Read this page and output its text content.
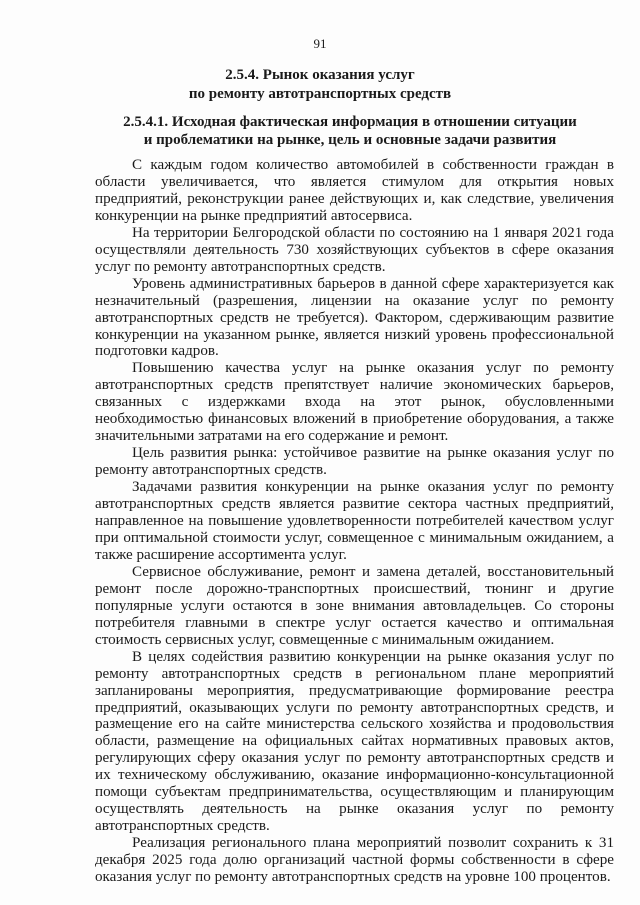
91
2.5.4. Рынок оказания услуг
по ремонту автотранспортных средств
2.5.4.1. Исходная фактическая информация в отношении ситуации
и проблематики на рынке, цель и основные задачи развития

С каждым годом количество автомобилей в собственности граждан в области увеличивается, что является стимулом для открытия новых предприятий, реконструкции ранее действующих и, как следствие, увеличения конкуренции на рынке предприятий автосервиса.

На территории Белгородской области по состоянию на 1 января 2021 года осуществляли деятельность 730 хозяйствующих субъектов в сфере оказания услуг по ремонту автотранспортных средств.

Уровень административных барьеров в данной сфере характеризуется как незначительный (разрешения, лицензии на оказание услуг по ремонту автотранспортных средств не требуется). Фактором, сдерживающим развитие конкуренции на указанном рынке, является низкий уровень профессиональной подготовки кадров.

Повышению качества услуг на рынке оказания услуг по ремонту автотранспортных средств препятствует наличие экономических барьеров, связанных с издержками входа на этот рынок, обусловленными необходимостью финансовых вложений в приобретение оборудования, а также значительными затратами на его содержание и ремонт.

Цель развития рынка: устойчивое развитие на рынке оказания услуг по ремонту автотранспортных средств.

Задачами развития конкуренции на рынке оказания услуг по ремонту автотранспортных средств является развитие сектора частных предприятий, направленное на повышение удовлетворенности потребителей качеством услуг при оптимальной стоимости услуг, совмещенное с минимальным ожиданием, а также расширение ассортимента услуг.

Сервисное обслуживание, ремонт и замена деталей, восстановительный ремонт после дорожно-транспортных происшествий, тюнинг и другие популярные услуги остаются в зоне внимания автовладельцев. Со стороны потребителя главными в спектре услуг остается качество и оптимальная стоимость сервисных услуг, совмещенные с минимальным ожиданием.

В целях содействия развитию конкуренции на рынке оказания услуг по ремонту автотранспортных средств в региональном плане мероприятий запланированы мероприятия, предусматривающие формирование реестра предприятий, оказывающих услуги по ремонту автотранспортных средств, и размещение его на сайте министерства сельского хозяйства и продовольствия области, размещение на официальных сайтах нормативных правовых актов, регулирующих сферу оказания услуг по ремонту автотранспортных средств и их техническому обслуживанию, оказание информационно-консультационной помощи субъектам предпринимательства, осуществляющим и планирующим осуществлять деятельность на рынке оказания услуг по ремонту автотранспортных средств.

Реализация регионального плана мероприятий позволит сохранить к 31 декабря 2025 года долю организаций частной формы собственности в сфере оказания услуг по ремонту автотранспортных средств на уровне 100 процентов.
